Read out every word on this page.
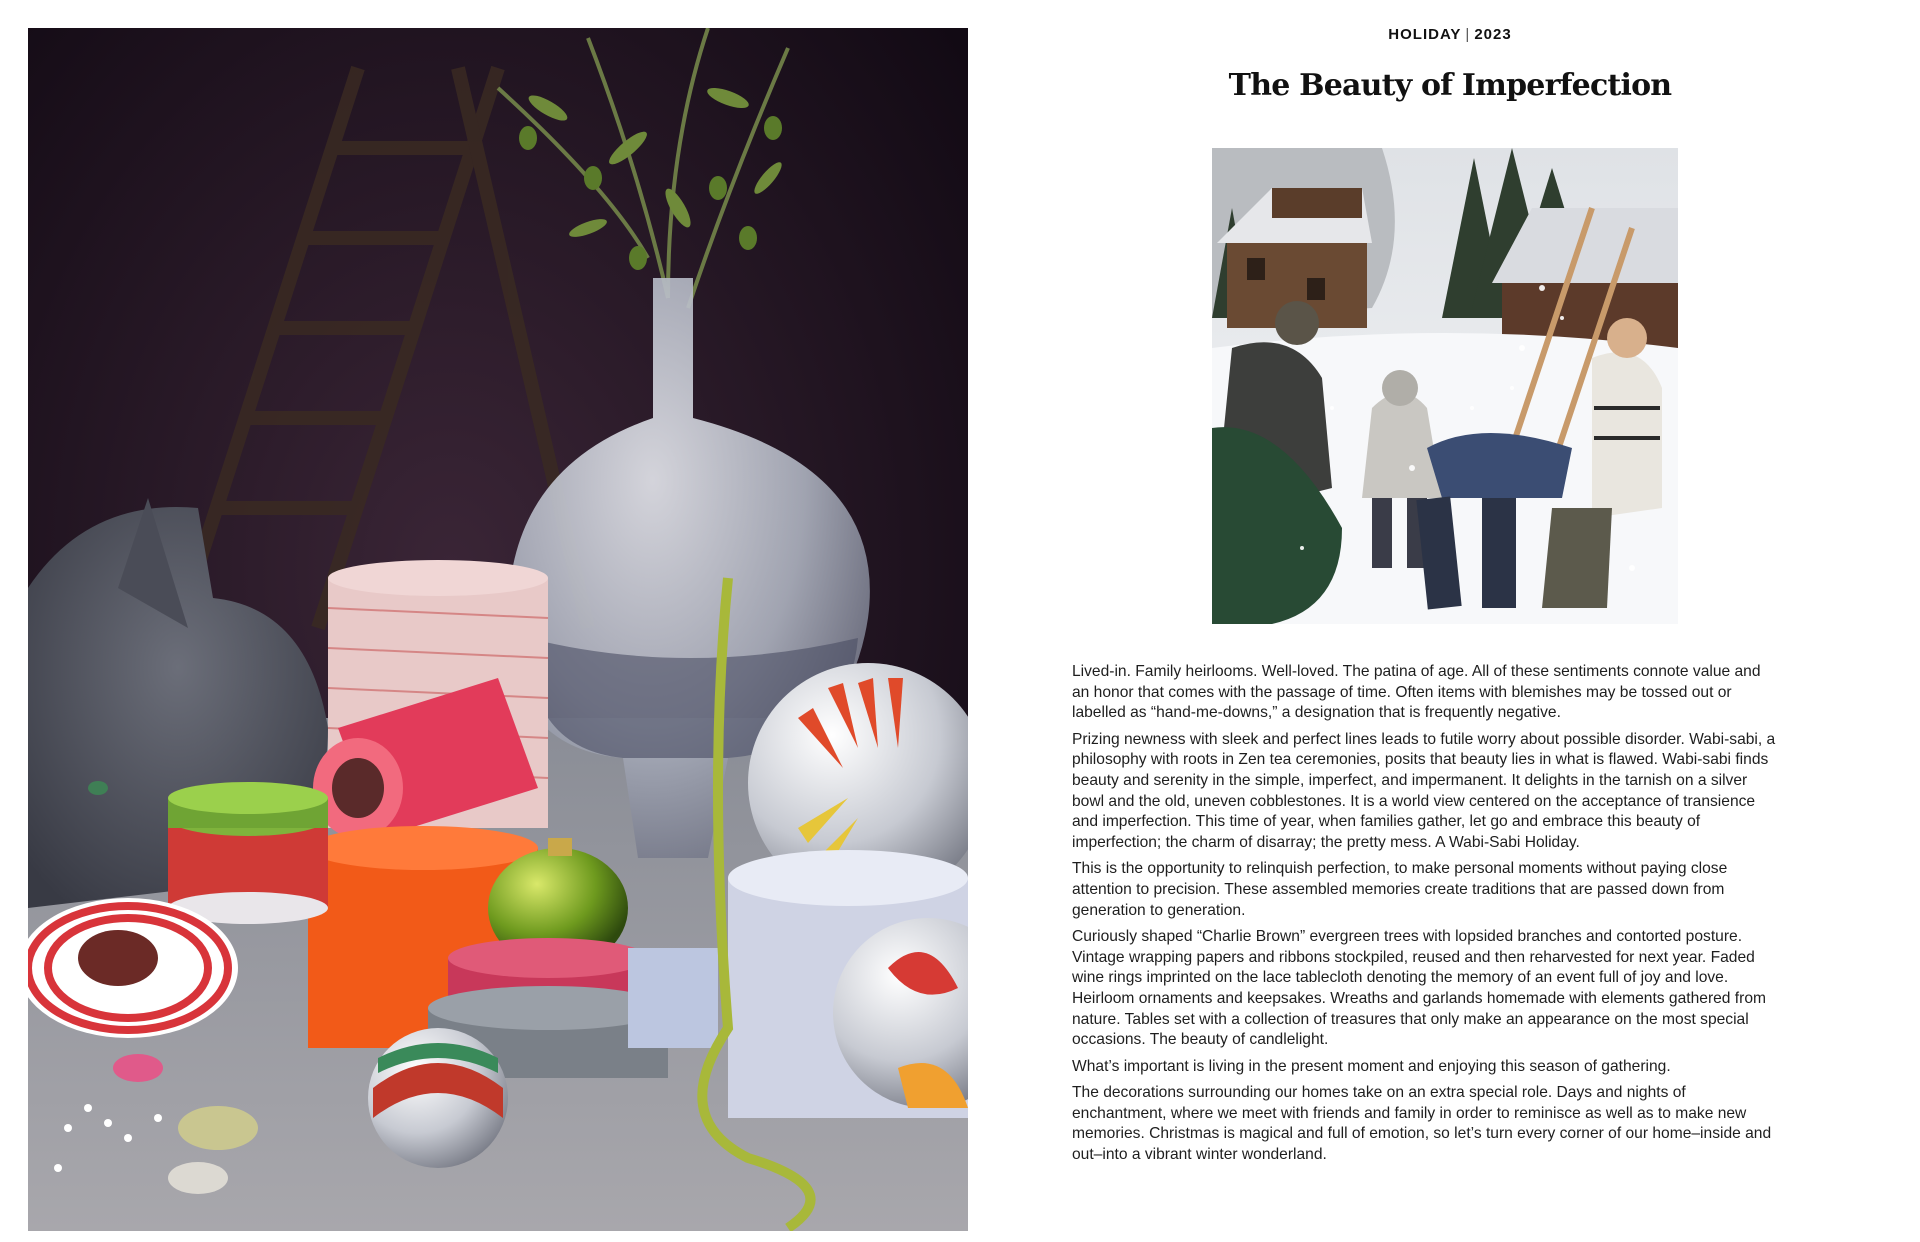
HOLIDAY | 2023
The Beauty of Imperfection

Lived-in. Family heirlooms. Well-loved. The patina of age. All of these sentiments connote value and an honor that comes with the passage of time. Often items with blemishes may be tossed out or labelled as “hand-me-downs,” a designation that is frequently negative.

Prizing newness with sleek and perfect lines leads to futile worry about possible disorder. Wabi-sabi, a philosophy with roots in Zen tea ceremonies, posits that beauty lies in what is flawed. Wabi-sabi finds beauty and serenity in the simple, imperfect, and impermanent. It delights in the tarnish on a silver bowl and the old, uneven cobblestones. It is a world view centered on the acceptance of transience and imperfection. This time of year, when families gather, let go and embrace this beauty of imperfection; the charm of disarray; the pretty mess. A Wabi-Sabi Holiday.

This is the opportunity to relinquish perfection, to make personal moments without paying close attention to precision. These assembled memories create traditions that are passed down from generation to generation.

Curiously shaped “Charlie Brown” evergreen trees with lopsided branches and contorted posture. Vintage wrapping papers and ribbons stockpiled, reused and then reharvested for next year. Faded wine rings imprinted on the lace tablecloth denoting the memory of an event full of joy and love. Heirloom ornaments and keepsakes. Wreaths and garlands homemade with elements gathered from nature. Tables set with a collection of treasures that only make an appearance on the most special occasions. The beauty of candlelight.

What’s important is living in the present moment and enjoying this season of gathering.

The decorations surrounding our homes take on an extra special role. Days and nights of enchantment, where we meet with friends and family in order to reminisce as well as to make new memories. Christmas is magical and full of emotion, so let’s turn every corner of our home–inside and out–into a vibrant winter wonderland.
